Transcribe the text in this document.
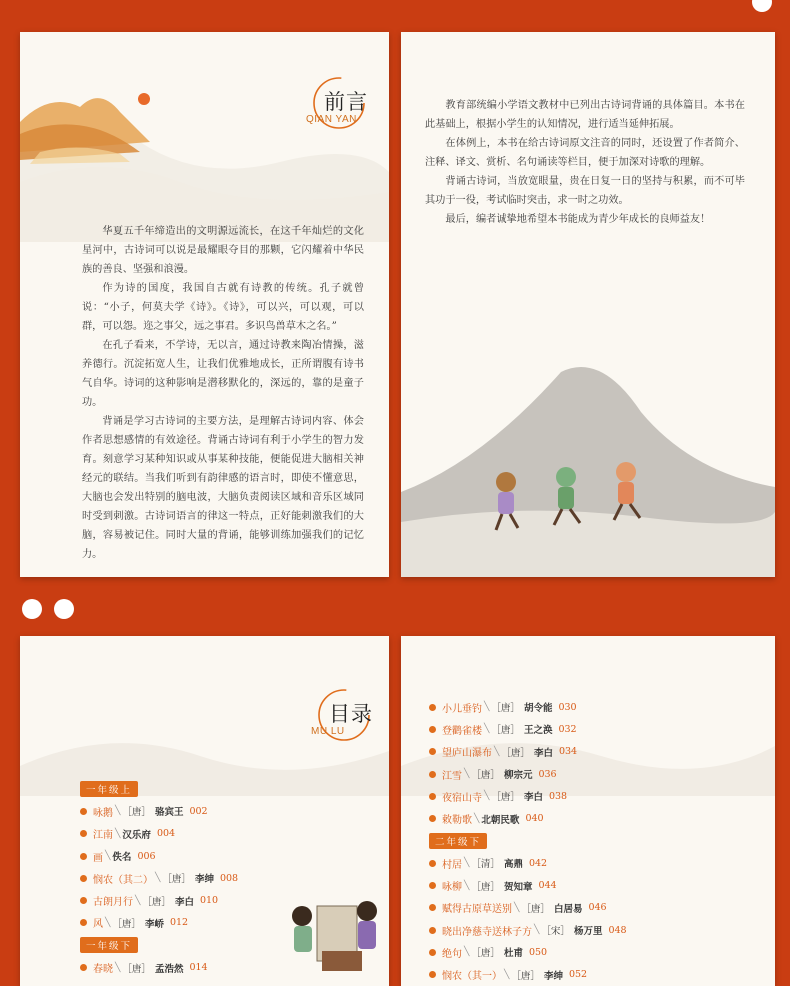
前言
QIAN YAN

华夏五千年缔造出的文明源远流长，在这千年灿烂的文化星河中，古诗词可以说是最耀眼夺目的那颗，它闪耀着中华民族的善良、坚强和浪漫。

作为诗的国度，我国自古就有诗教的传统。孔子就曾说：“小子，何莫夫学《诗》。《诗》，可以兴，可以观，可以群，可以怨。迩之事父，远之事君。多识鸟兽草木之名。”

在孔子看来，不学诗，无以言，通过诗教来陶冶情操，滋养德行。沉淀拓宽人生，让我们优雅地成长，正所谓腹有诗书气自华。诗词的这种影响是潜移默化的，深远的，靠的是童子功。

背诵是学习古诗词的主要方法，是理解古诗词内容、体会作者思想感情的有效途径。背诵古诗词有利于小学生的智力发育。刻意学习某种知识或从事某种技能，便能促进大脑相关神经元的联结。当我们听到有韵律感的语言时，即使不懂意思，大脑也会发出特别的脑电波，大脑负责阅读区域和音乐区域同时受到刺激。古诗词语言的律这一特点，正好能刺激我们的大脑，容易被记住。同时大量的背诵，能够训练加强我们的记忆力。

教育部统编小学语文教材中已列出古诗词背诵的具体篇目。本书在此基础上，根据小学生的认知情况，进行适当延伸拓展。

在体例上，本书在给古诗词原文注音的同时，还设置了作者简介、注释、译文、赏析、名句诵读等栏目，便于加深对诗歌的理解。

背诵古诗词，当放宽眼量，贵在日复一日的坚持与积累，而不可毕其功于一役，考试临时突击，求一时之功效。

最后，编者诚挚地希望本书能成为青少年成长的良师益友！

目录
MU LU
一年级上
咏鹅 ╲ ［唐］ 骆宾王 002
江南 ╲ 汉乐府 004
画 ╲ 佚名 006
悯农（其二） ╲ ［唐］ 李绅 008
古朗月行 ╲ ［唐］ 李白 010
风 ╲ ［唐］ 李峤 012
一年级下
春晓 ╲ ［唐］ 孟浩然 014
小儿垂钓 ╲ ［唐］ 胡令能 030
登鹳雀楼 ╲ ［唐］ 王之涣 032
望庐山瀑布 ╲ ［唐］ 李白 034
江雪 ╲ ［唐］ 柳宗元 036
夜宿山寺 ╲ ［唐］ 李白 038
敕勒歌 ╲ 北朝民歌 040
二年级下
村居 ╲ ［清］ 高鼎 042
咏柳 ╲ ［唐］ 贺知章 044
赋得古原草送别 ╲ ［唐］ 白居易 046
晓出净慈寺送林子方 ╲ ［宋］ 杨万里 048
绝句 ╲ ［唐］ 杜甫 050
悯农（其一） ╲ ［唐］ 李绅 052
